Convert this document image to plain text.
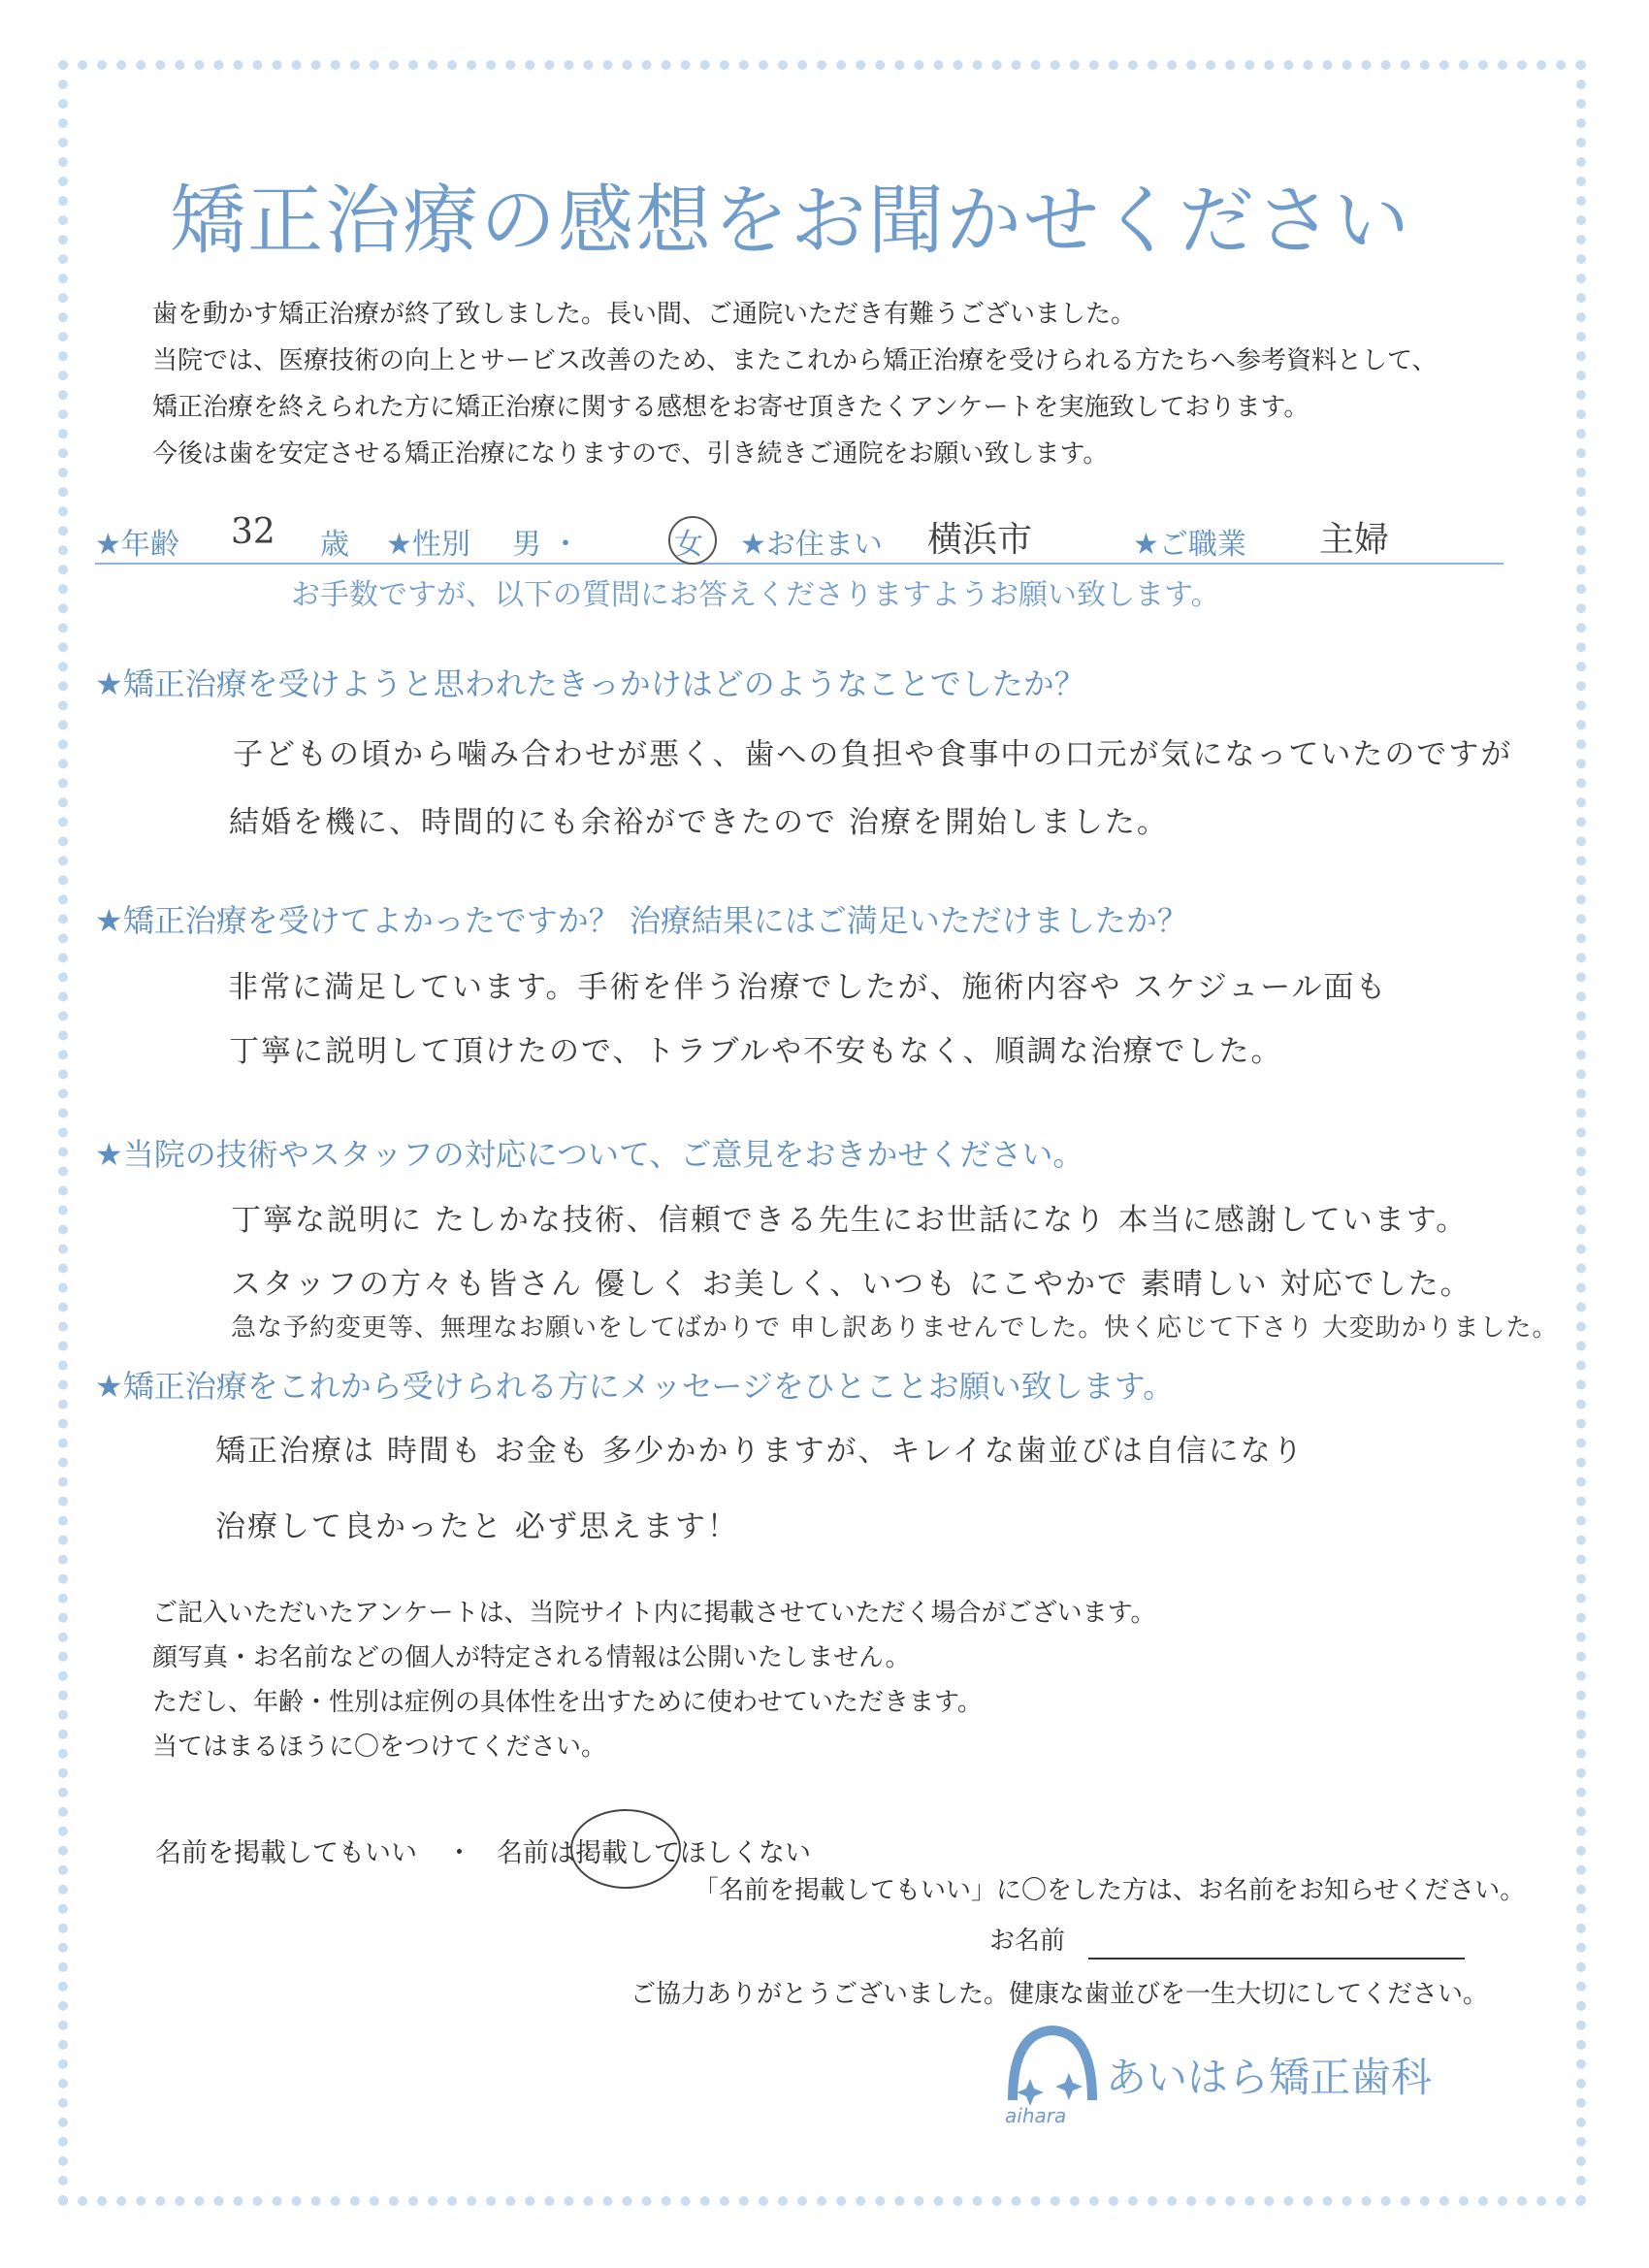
矯正治療の感想をお聞かせください
歯を動かす矯正治療が終了致しました。長い間、ご通院いただき有難うございました。
当院では、医療技術の向上とサービス改善のため、またこれから矯正治療を受けられる方たちへ参考資料として、
矯正治療を終えられた方に矯正治療に関する感想をお寄せ頂きたくアンケートを実施致しております。
今後は歯を安定させる矯正治療になりますので、引き続きご通院をお願い致します。
★年齢 32 歳 ★性別 男 ・	女 ★お住まい 横浜市	★ご職業 主婦
お手数ですが、以下の質問にお答えくださりますようお願い致します。
★矯正治療を受けようと思われたきっかけはどのようなことでしたか？
子どもの頃から噛み合わせが悪く、歯への負担や食事中の口元が気になっていたのですが
結婚を機に、時間的にも余裕ができたので 治療を開始しました。
★矯正治療を受けてよかったですか？ 治療結果にはご満足いただけましたか？
非常に満足しています。手術を伴う治療でしたが、施術内容や スケジュール面も
丁寧に説明して頂けたので、トラブルや不安もなく、順調な治療でした。
★当院の技術やスタッフの対応について、ご意見をおきかせください。
丁寧な説明に たしかな技術、信頼できる先生にお世話になり 本当に感謝しています。
スタッフの方々も皆さん 優しく お美しく、いつも にこやかで 素晴しい 対応でした。
急な予約変更等、無理なお願いをしてばかりで 申し訳ありませんでした。快く応じて下さり 大変助かりました。
★矯正治療をこれから受けられる方にメッセージをひとことお願い致します。
矯正治療は 時間も お金も 多少かかりますが、キレイな歯並びは自信になり
治療して良かったと 必ず思えます！
ご記入いただいたアンケートは、当院サイト内に掲載させていただく場合がございます。
顔写真・お名前などの個人が特定される情報は公開いたしません。
ただし、年齢・性別は症例の具体性を出すために使わせていただきます。
当てはまるほうに〇をつけてください。
名前を掲載してもいい ・ 名前は掲載してほしくない
「名前を掲載してもいい」に〇をした方は、お名前をお知らせください。
お名前
ご協力ありがとうございました。健康な歯並びを一生大切にしてください。
あいはら矯正歯科
aihara
